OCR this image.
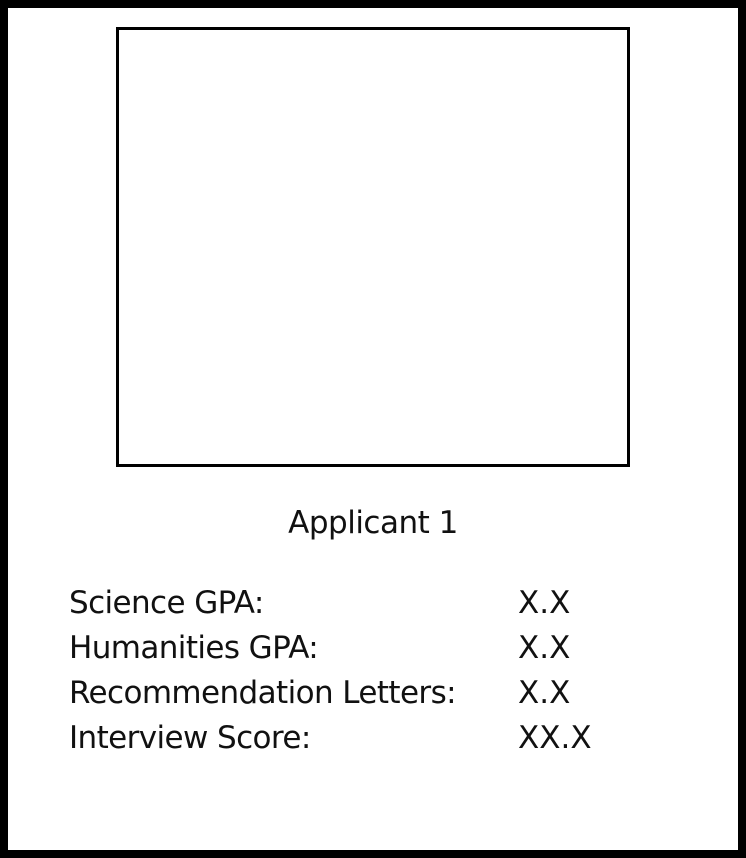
Applicant 1
Science GPA:	X.X
Humanities GPA:	X.X
Recommendation Letters: X.X
Interview Score:	XX.X
